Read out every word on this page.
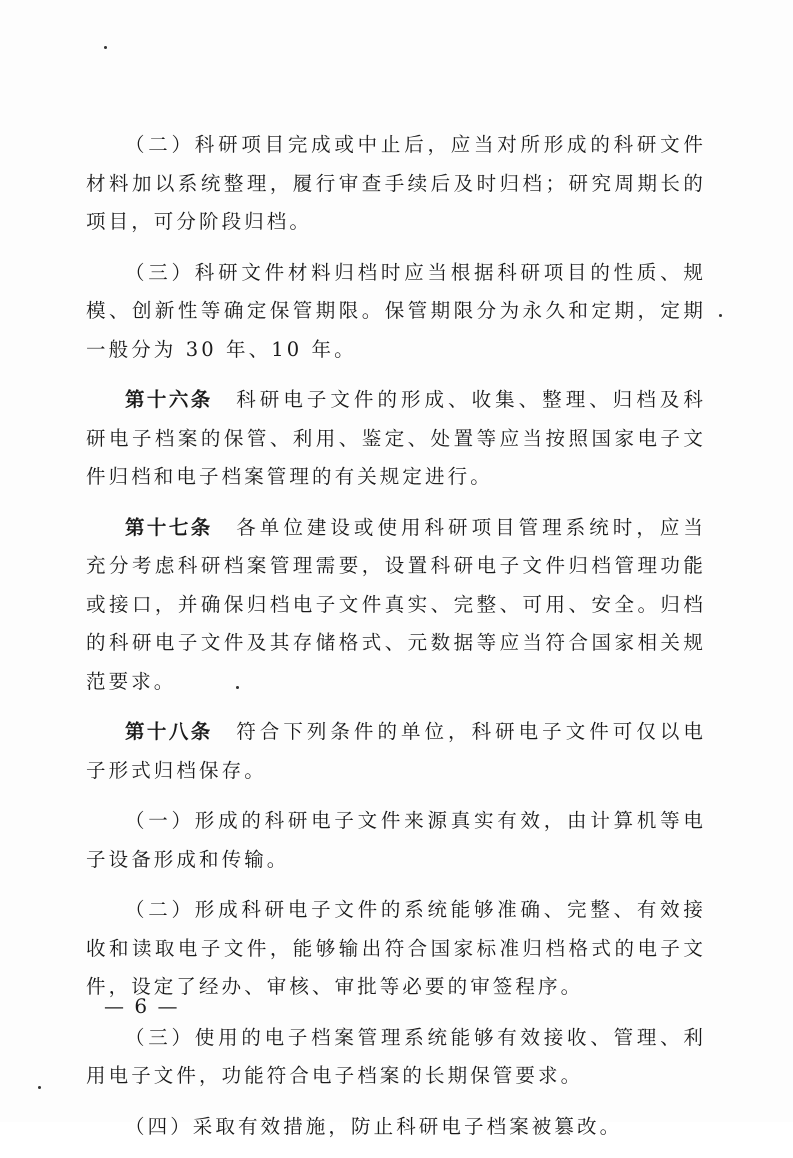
（二）科研项目完成或中止后，应当对所形成的科研文件材料加以系统整理，履行审查手续后及时归档；研究周期长的项目，可分阶段归档。

（三）科研文件材料归档时应当根据科研项目的性质、规模、创新性等确定保管期限。保管期限分为永久和定期，定期一般分为 30 年、10 年。

第十六条　科研电子文件的形成、收集、整理、归档及科研电子档案的保管、利用、鉴定、处置等应当按照国家电子文件归档和电子档案管理的有关规定进行。

第十七条　各单位建设或使用科研项目管理系统时，应当充分考虑科研档案管理需要，设置科研电子文件归档管理功能或接口，并确保归档电子文件真实、完整、可用、安全。归档的科研电子文件及其存储格式、元数据等应当符合国家相关规范要求。

第十八条　符合下列条件的单位，科研电子文件可仅以电子形式归档保存。

（一）形成的科研电子文件来源真实有效，由计算机等电子设备形成和传输。

（二）形成科研电子文件的系统能够准确、完整、有效接收和读取电子文件，能够输出符合国家标准归档格式的电子文件，设定了经办、审核、审批等必要的审签程序。

（三）使用的电子档案管理系统能够有效接收、管理、利用电子文件，功能符合电子档案的长期保管要求。

（四）采取有效措施，防止科研电子档案被篡改。

— 6 —
